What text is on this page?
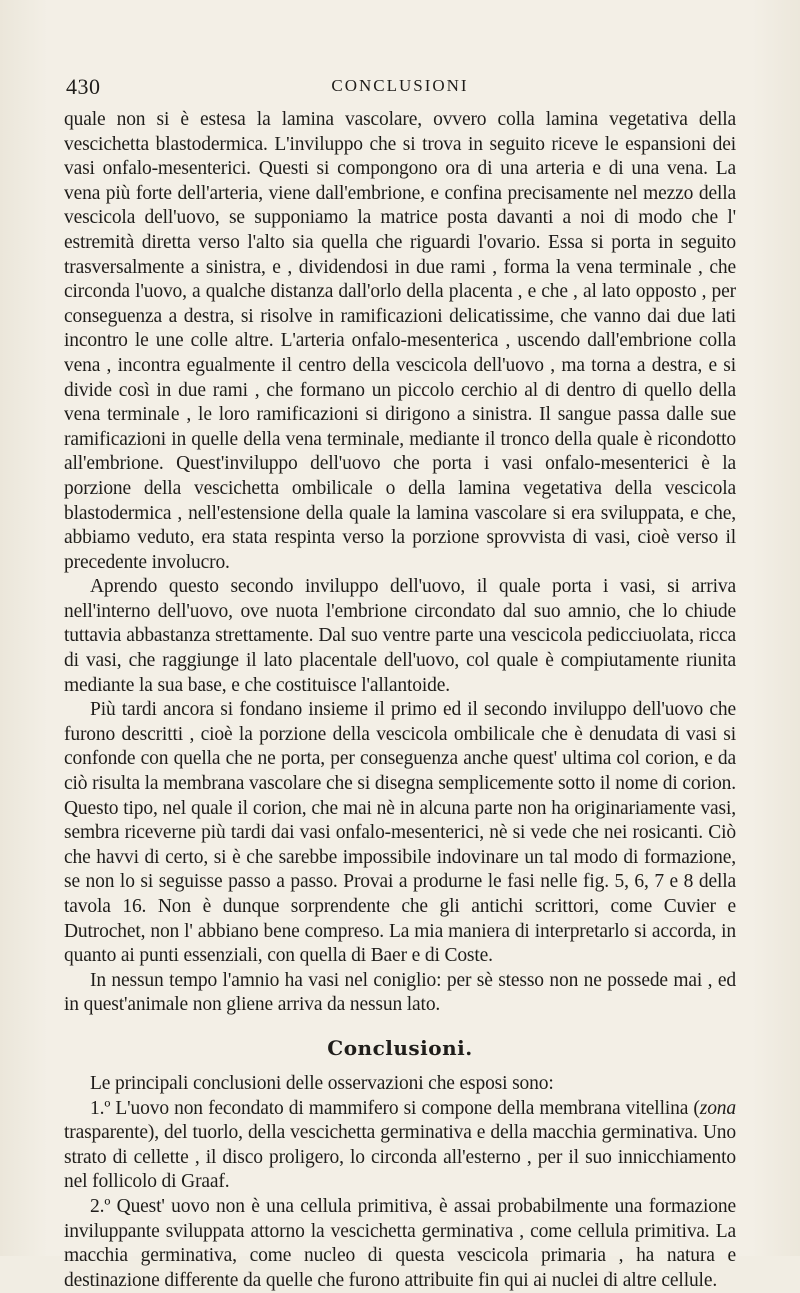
430	CONCLUSIONI

quale non si è estesa la lamina vascolare, ovvero colla lamina vegetativa della vescichetta blastodermica. L'inviluppo che si trova in seguito riceve le espansioni dei vasi onfalo-mesenterici. Questi si compongono ora di una arteria e di una vena. La vena più forte dell'arteria, viene dall'embrione, e confina precisamente nel mezzo della vescicola dell'uovo, se supponiamo la matrice posta davanti a noi di modo che l' estremità diretta verso l'alto sia quella che riguardi l'ovario. Essa si porta in seguito trasversalmente a sinistra, e , dividendosi in due rami , forma la vena terminale , che circonda l'uovo, a qualche distanza dall'orlo della placenta , e che , al lato opposto , per conseguenza a destra, si risolve in ramificazioni delicatissime, che vanno dai due lati incontro le une colle altre. L'arteria onfalo-mesenterica , uscendo dall'embrione colla vena , incontra egualmente il centro della vescicola dell'uovo , ma torna a destra, e si divide così in due rami , che formano un piccolo cerchio al di dentro di quello della vena terminale , le loro ramificazioni si dirigono a sinistra. Il sangue passa dalle sue ramificazioni in quelle della vena terminale, mediante il tronco della quale è ricondotto all'embrione. Quest'inviluppo dell'uovo che porta i vasi onfalo-mesenterici è la porzione della vescichetta ombilicale o della lamina vegetativa della vescicola blastodermica , nell'estensione della quale la lamina vascolare si era sviluppata, e che, abbiamo veduto, era stata respinta verso la porzione sprovvista di vasi, cioè verso il precedente involucro.

Aprendo questo secondo inviluppo dell'uovo, il quale porta i vasi, si arriva nell'interno dell'uovo, ove nuota l'embrione circondato dal suo amnio, che lo chiude tuttavia abbastanza strettamente. Dal suo ventre parte una vescicola pedicciuolata, ricca di vasi, che raggiunge il lato placentale dell'uovo, col quale è compiutamente riunita mediante la sua base, e che costituisce l'allantoide.

Più tardi ancora si fondano insieme il primo ed il secondo inviluppo dell'uovo che furono descritti , cioè la porzione della vescicola ombilicale che è denudata di vasi si confonde con quella che ne porta, per conseguenza anche quest' ultima col corion, e da ciò risulta la membrana vascolare che si disegna semplicemente sotto il nome di corion. Questo tipo, nel quale il corion, che mai nè in alcuna parte non ha originariamente vasi, sembra riceverne più tardi dai vasi onfalo-mesenterici, nè si vede che nei rosicanti. Ciò che havvi di certo, si è che sarebbe impossibile indovinare un tal modo di formazione, se non lo si seguisse passo a passo. Provai a produrne le fasi nelle fig. 5, 6, 7 e 8 della tavola 16. Non è dunque sorprendente che gli antichi scrittori, come Cuvier e Dutrochet, non l' abbiano bene compreso. La mia maniera di interpretarlo si accorda, in quanto ai punti essenziali, con quella di Baer e di Coste.

In nessun tempo l'amnio ha vasi nel coniglio: per sè stesso non ne possede mai , ed in quest'animale non gliene arriva da nessun lato.

Conclusioni.

Le principali conclusioni delle osservazioni che esposi sono:

1.º L'uovo non fecondato di mammifero si compone della membrana vitellina (zona trasparente), del tuorlo, della vescichetta germinativa e della macchia germinativa. Uno strato di cellette , il disco proligero, lo circonda all'esterno , per il suo innicchiamento nel follicolo di Graaf.

2.º Quest' uovo non è una cellula primitiva, è assai probabilmente una formazione inviluppante sviluppata attorno la vescichetta germinativa , come cellula primitiva. La macchia germinativa, come nucleo di questa vescicola primaria , ha natura e destinazione differente da quelle che furono attribuite fin qui ai nuclei di altre cellule.
